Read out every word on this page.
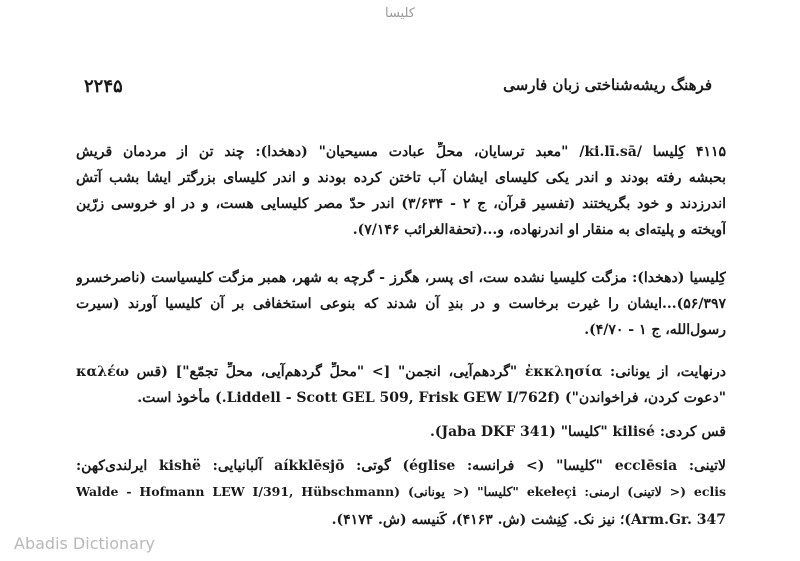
کلیسا
۲۲۴۵	فرهنگ ریشه‌شناختی زبان فارسی
۴۱۱۵ کِلیسا /ki.lī.sā/ "معبد ترسایان، محلِّ عبادت مسیحیان" (دهخدا): چند تن از مردمان قریش
بحبشه رفته بودند و اندر یکی کلیسای ایشان آب تاختن کرده بودند و اندر کلیسای بزرگتر ایشا بشب آتش
اندرزدند و خود بگریختند (تفسیر قرآن، ج ۲ - ۳/۶۳۴) اندر حدّ مصر کلیسایی هست، و در او خروسی زرّین
آویخته و پلیته‌ای به منقار او اندرنهاده، و...(تحفة‌الغرائب ۷/۱۴۶).
کِلیسیا (دهخدا): مزگت کلیسیا نشده ست، ای پسر، هگرز - گرچه به شهر، همبر مزگت کلیسیاست (ناصرخسرو
۵۶/۳۹۷)...ایشان را غیرت برخاست و در بندِ آن شدند که بنوعی استخفافی بر آن کلیسیا آورند (سیرت
رسول‌الله، ج ۱ - ۴/۷۰).
درنهایت، از یونانی: ἐκκλησία "گردهم‌آیی، انجمن" [> "محلِّ گردهم‌آیی، محلِّ تجمّع"] (قس καλέω
"دعوت کردن، فراخواندن") (Liddell - Scott GEL 509, Frisk GEW I/762f.) مأخوذ است.
قس کردی: kilisé "کلیسا" (Jaba DKF 341).
لاتینی: ecclēsia "کلیسا" (> فرانسه: église) گوتی: aíkklēsjō آلبانیایی: kishë ایرلندی‌کهن:
eclis (< لاتینی) ارمنی: ekełeçi "کلیسا" (< یونانی) (Walde - Hofmann LEW I/391, Hübschmann
Arm.Gr. 347)؛ نیز نک. کِنِشت (ش. ۴۱۶۳)، کَنیسه (ش. ۴۱۷۴).
Abadis Dictionary
